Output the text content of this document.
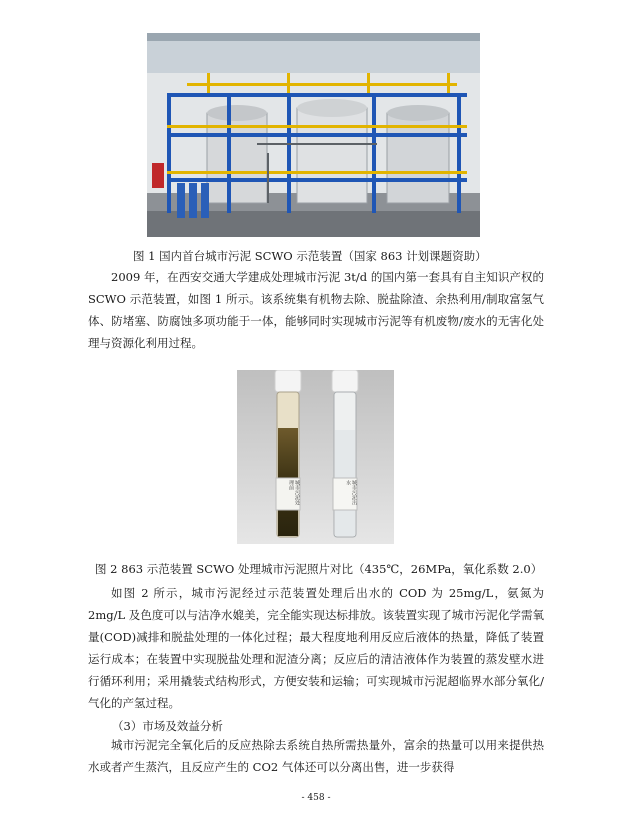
图 1 国内首台城市污泥 SCWO 示范装置（国家 863 计划课题资助）
2009 年，在西安交通大学建成处理城市污泥 3t/d 的国内第一套具有自主知识产权的 SCWO 示范装置，如图 1 所示。该系统集有机物去除、脱盐除渣、余热利用/制取富氢气体、防堵塞、防腐蚀多项功能于一体，能够同时实现城市污泥等有机废物/废水的无害化处理与资源化利用过程。
城市污泥处理前	城市污泥出水
图 2 863 示范装置 SCWO 处理城市污泥照片对比（435℃，26MPa，氧化系数 2.0）
如图 2 所示，城市污泥经过示范装置处理后出水的 COD 为 25mg/L，氨氮为 2mg/L 及色度可以与洁净水媲美，完全能实现达标排放。该装置实现了城市污泥化学需氧量(COD)减排和脱盐处理的一体化过程；最大程度地利用反应后液体的热量，降低了装置运行成本；在装置中实现脱盐处理和泥渣分离；反应后的清洁液体作为装置的蒸发壁水进行循环利用；采用撬装式结构形式，方便安装和运输；可实现城市污泥超临界水部分氧化/气化的产氢过程。
（3）市场及效益分析
城市污泥完全氧化后的反应热除去系统自热所需热量外，富余的热量可以用来提供热水或者产生蒸汽，且反应产生的 CO2 气体还可以分离出售，进一步获得
- 458 -
